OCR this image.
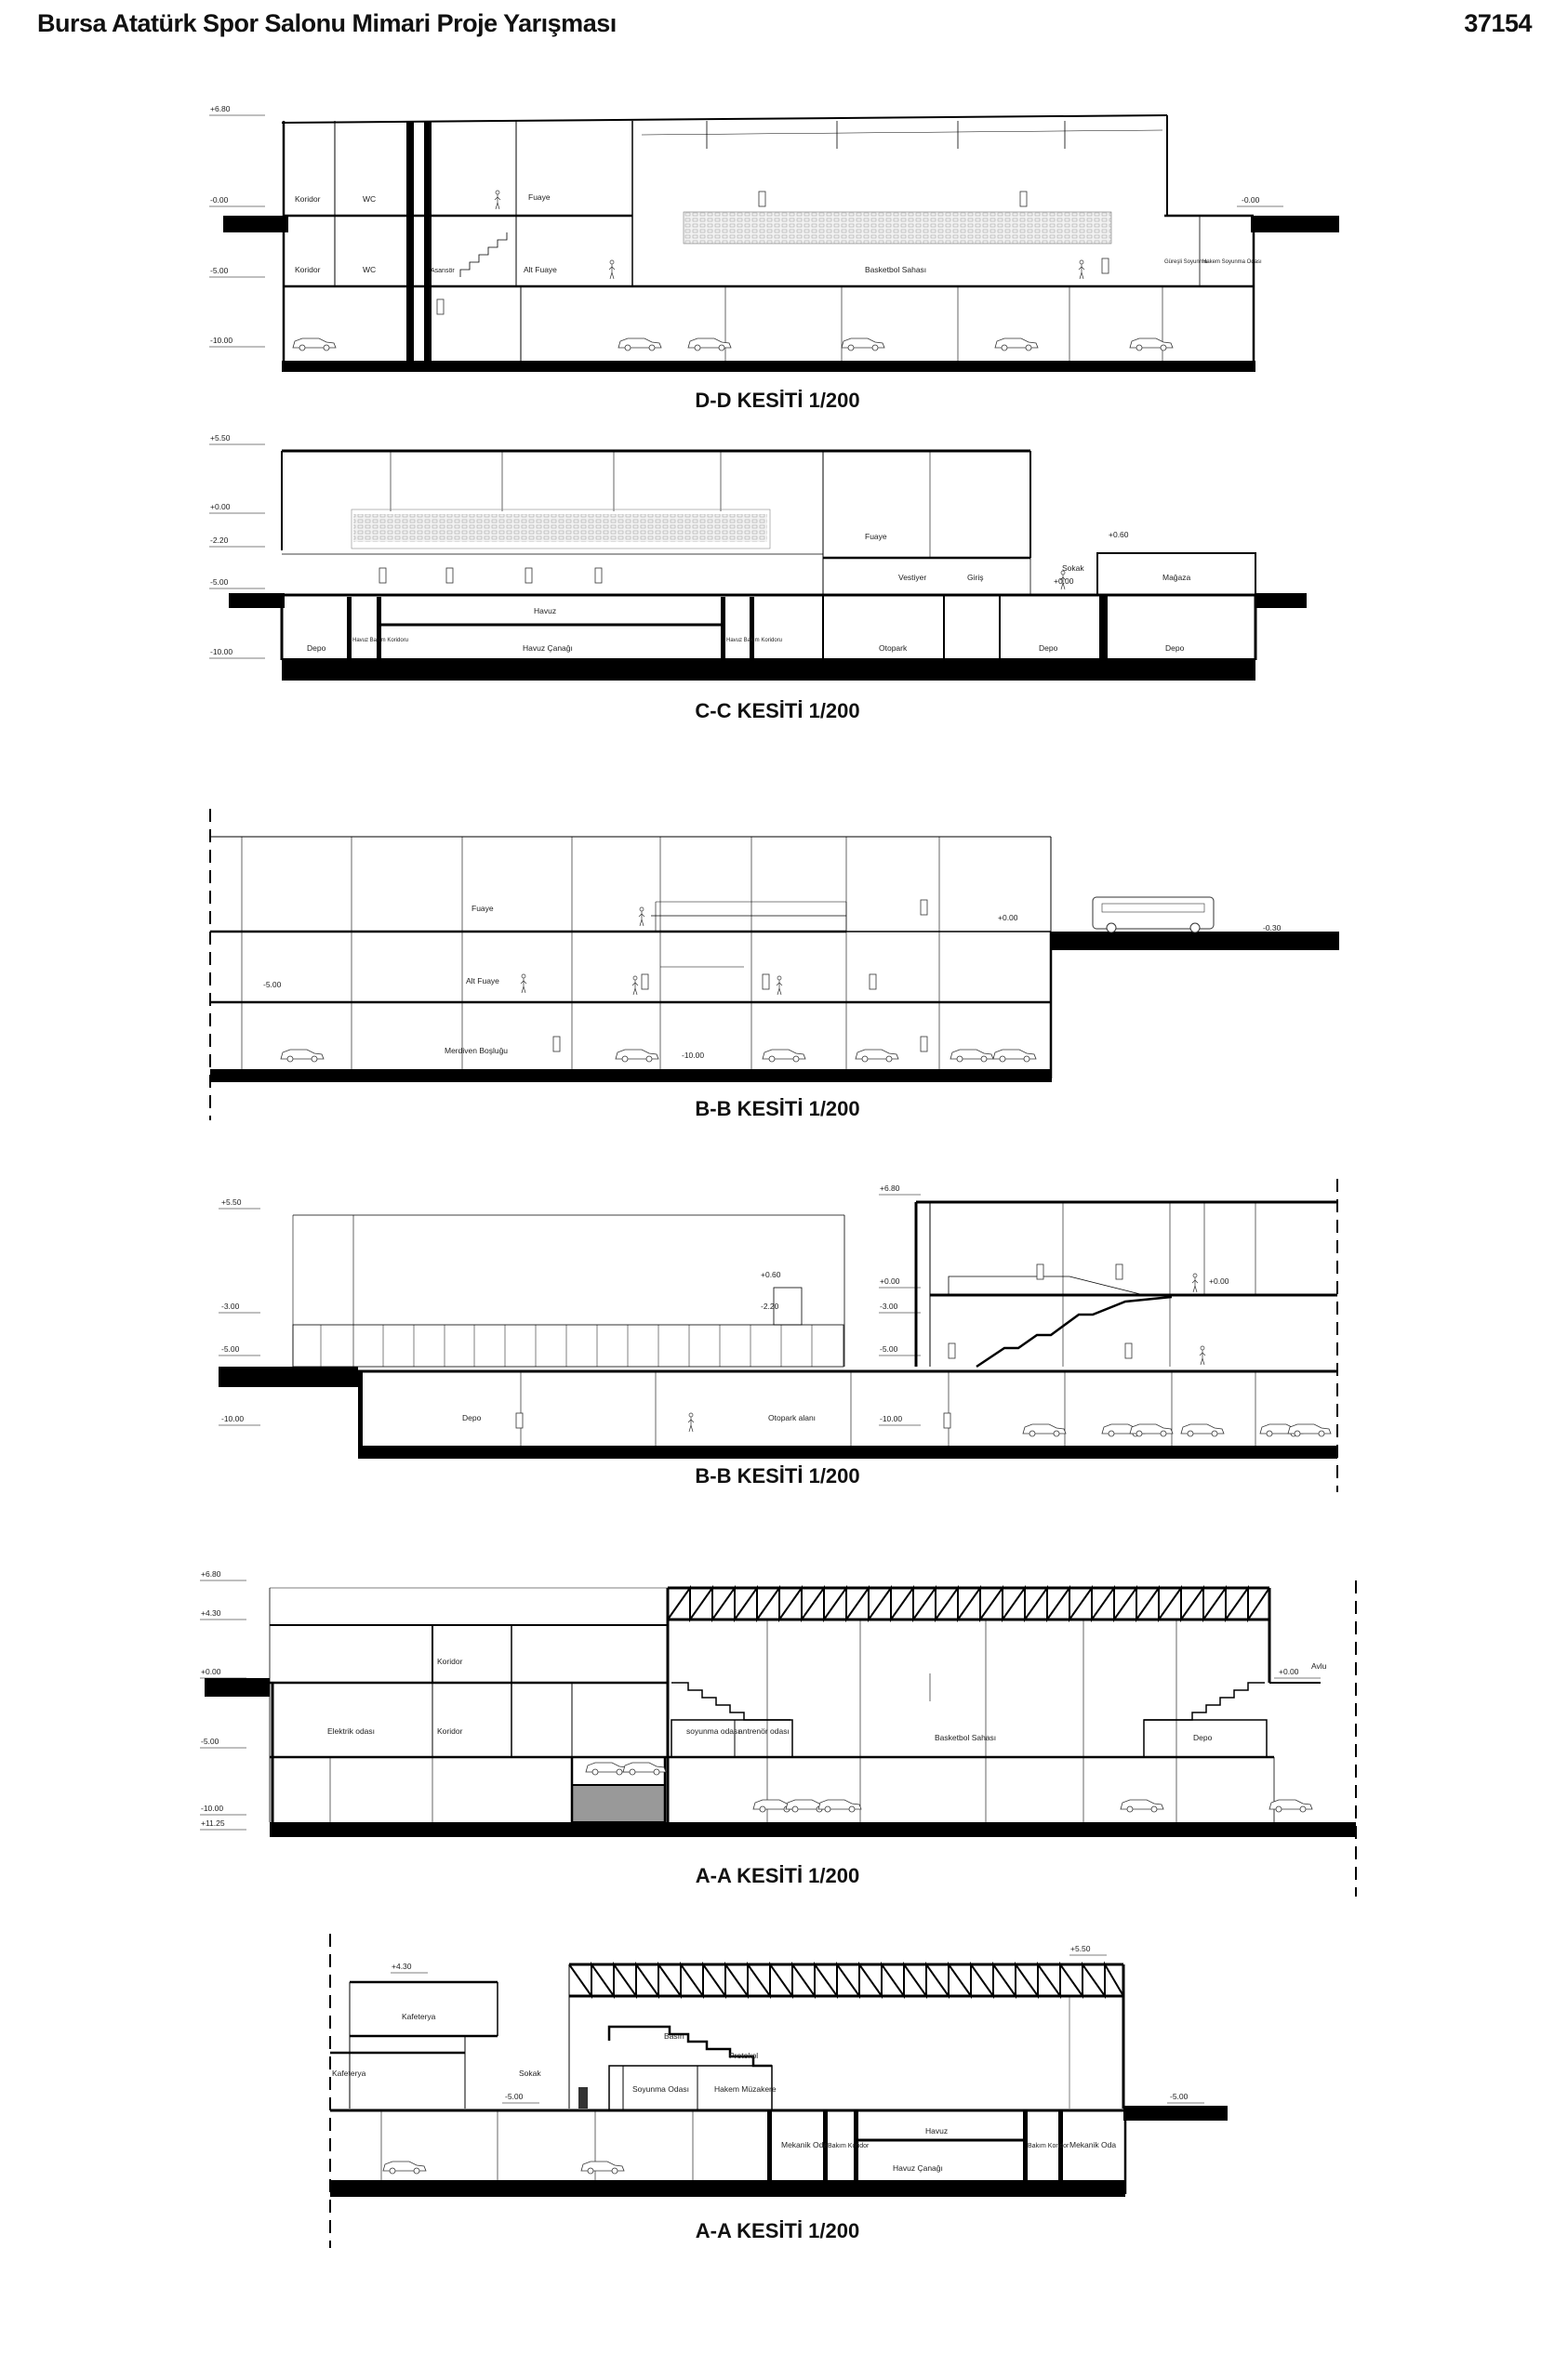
Bursa Atatürk Spor Salonu Mimari Proje Yarışması	37154
+6.80
-0.00
-5.00
-10.00
-0.00
Koridor	WC	Fuaye
Koridor	WC	Asansör	Alt Fuaye	Basketbol Sahası
Güreşli Soyunma
Hakem Soyunma Odası
D-D KESİTİ 1/200
+5.50
+0.00
-2.20
-5.00
-10.00
+0.60
+0.00
Fuaye
Vestiyer	Giriş
Sokak
Mağaza
Havuz
Depo
Havuz Bakım Koridoru
Havuz Çanağı
Havuz Bakım Koridoru
Otopark	Depo	Depo
C-C KESİTİ 1/200
+0.00
-0.30
-5.00
-10.00
Fuaye
Alt Fuaye
Merdiven Boşluğu
B-B KESİTİ 1/200
+5.50
+0.60
-3.00	-2.20
-5.00
-10.00
+6.80
+0.00
-3.00
-5.00
-10.00
+0.00
Depo	Otopark alanı
B-B KESİTİ 1/200
+6.80
+4.30
+0.00
-5.00
-10.00
+11.25
+0.00
Koridor
Elektrik odası	Koridor	soyunma odası
antrenör odası
Basketbol Sahası	Depo
Avlu
A-A KESİTİ 1/200
+4.30
+5.50
-5.00	-5.00
Kafeterya
Kafeterya	Sokak
Basın
Protokol
Soyunma Odası	Hakem Müzakere
Mekanik Oda Bakım Koridor
Havuz
Havuz Çanağı
Bakım Koridor Mekanik Oda
A-A KESİTİ 1/200
